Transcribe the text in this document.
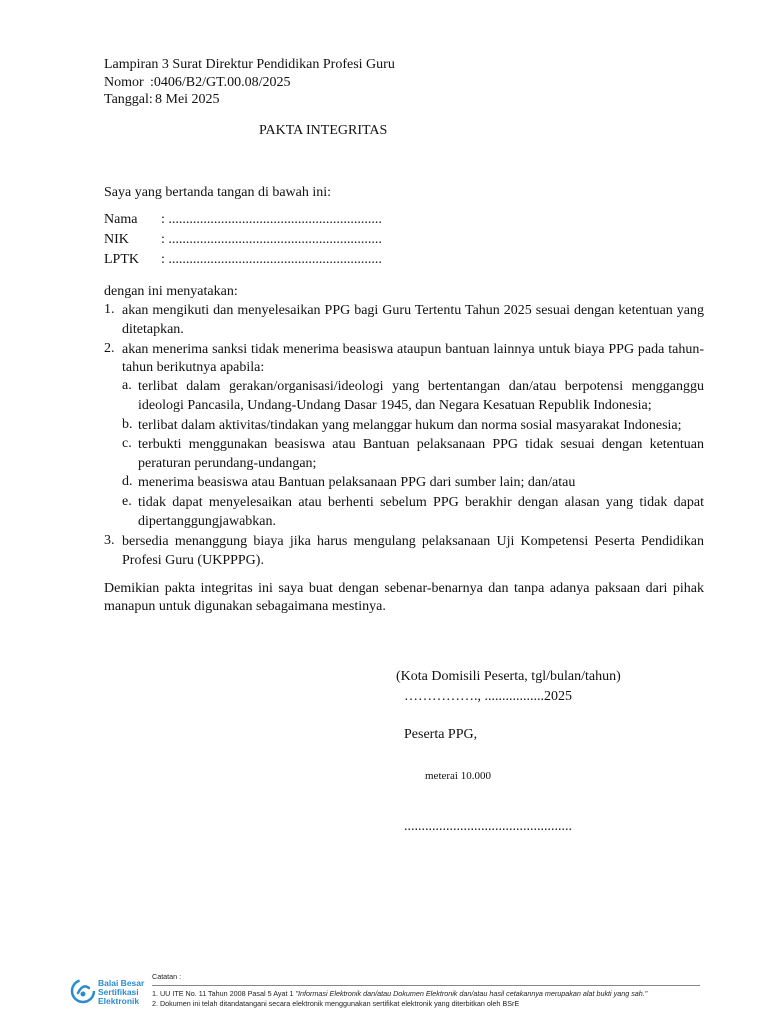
Lampiran 3 Surat Direktur Pendidikan Profesi Guru
Nomor :0406/B2/GT.00.08/2025
Tanggal: 8 Mei 2025
PAKTA INTEGRITAS
Saya yang bertanda tangan di bawah ini:
Nama : .............................................................
NIK : .............................................................
LPTK : .............................................................
dengan ini menyatakan:
1. akan mengikuti dan menyelesaikan PPG bagi Guru Tertentu Tahun 2025 sesuai dengan ketentuan yang
ditetapkan.
2. akan menerima sanksi tidak menerima beasiswa ataupun bantuan lainnya untuk biaya PPG pada tahun-
tahun berikutnya apabila:
a. terlibat dalam gerakan/organisasi/ideologi yang bertentangan dan/atau berpotensi mengganggu
ideologi Pancasila, Undang-Undang Dasar 1945, dan Negara Kesatuan Republik Indonesia;
b. terlibat dalam aktivitas/tindakan yang melanggar hukum dan norma sosial masyarakat Indonesia;
c. terbukti menggunakan beasiswa atau Bantuan pelaksanaan PPG tidak sesuai dengan ketentuan
peraturan perundang-undangan;
d. menerima beasiswa atau Bantuan pelaksanaan PPG dari sumber lain; dan/atau
e. tidak dapat menyelesaikan atau berhenti sebelum PPG berakhir dengan alasan yang tidak dapat
dipertanggungjawabkan.
3. bersedia menanggung biaya jika harus mengulang pelaksanaan Uji Kompetensi Peserta Pendidikan
Profesi Guru (UKPPPG).
Demikian pakta integritas ini saya buat dengan sebenar-benarnya dan tanpa adanya paksaan dari pihak
manapun untuk digunakan sebagaimana mestinya.
(Kota Domisili Peserta, tgl/bulan/tahun)
……………., .................2025
Peserta PPG,
meterai 10.000
................................................
Balai Besar
Sertifikasi
Elektronik
Catatan :
1. UU ITE No. 11 Tahun 2008 Pasal 5 Ayat 1 "Informasi Elektronik dan/atau Dokumen Elektronik dan/atau hasil cetakannya merupakan alat bukti yang sah."
2. Dokumen ini telah ditandatangani secara elektronik menggunakan sertifikat elektronik yang diterbitkan oleh BSrE
